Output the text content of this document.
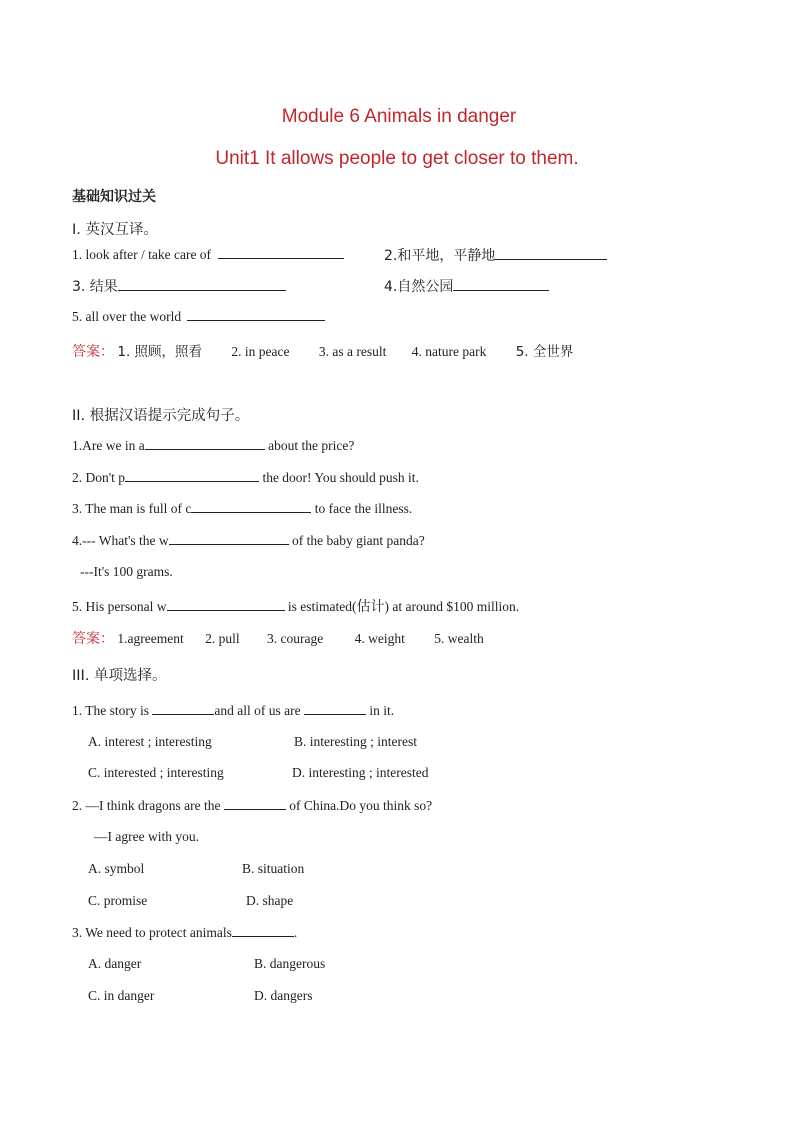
Module 6 Animals in danger
Unit1 It allows people to get closer to them.
基础知识过关
I. 英汉互译。
1. look after / take care of	2.和平地，平静地
3. 结果	4.自然公园
5. all over the world
答案： 1. 照顾，照看 2. in peace 3. as a result 4. nature park 5. 全世界
II. 根据汉语提示完成句子。
1.Are we in a	about the price?
2. Don't p	the door! You should push it.
3. The man is full of c	to face the illness.
4.--- What's the w	of the baby giant panda?
---It's 100 grams.
5. His personal w	is estimated(估计) at around $100 million.
答案： 1.agreement 2. pull 3. courage 4. weight 5. wealth
III. 单项选择。
1. The story is	and all of us are	in it.
A. interest ; interesting	B. interesting ; interest
C. interested ; interesting	D. interesting ; interested
2. —I think dragons are the	of China.Do you think so?
—I agree with you.
A. symbol	B. situation
C. promise	D. shape
3. We need to protect animals	.
A. danger	B. dangerous
C. in danger	D. dangers
